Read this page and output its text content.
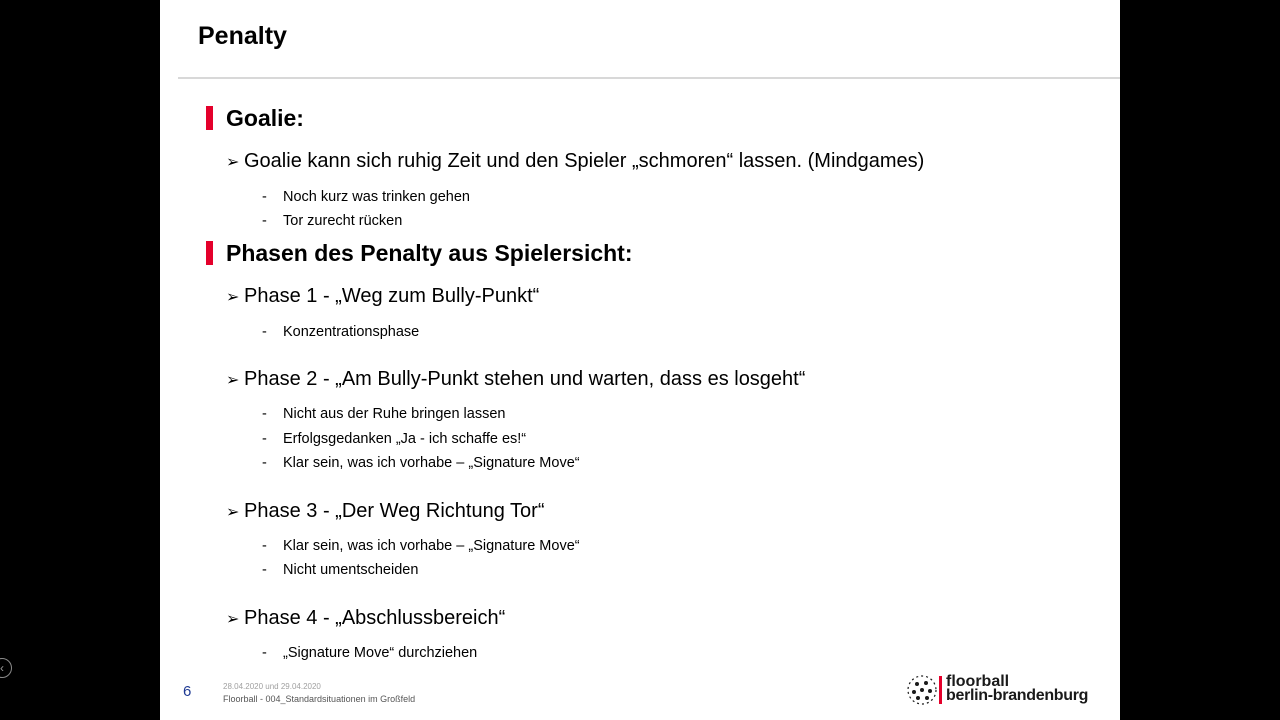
‹
Penalty
Goalie:
➢ Goalie kann sich ruhig Zeit und den Spieler „schmoren“ lassen. (Mindgames)
- Noch kurz was trinken gehen
- Tor zurecht rücken
Phasen des Penalty aus Spielersicht:
➢ Phase 1 - „Weg zum Bully-Punkt“
- Konzentrationsphase
➢ Phase 2 - „Am Bully-Punkt stehen und warten, dass es losgeht“
- Nicht aus der Ruhe bringen lassen
- Erfolgsgedanken „Ja - ich schaffe es!“
- Klar sein, was ich vorhabe – „Signature Move“
➢ Phase 3 - „Der Weg Richtung Tor“
- Klar sein, was ich vorhabe – „Signature Move“
- Nicht umentscheiden
➢ Phase 4 - „Abschlussbereich“
- „Signature Move“ durchziehen
6	28.04.2020 und 29.04.2020
Floorball - 004_Standardsituationen im Großfeld
floorball
berlin-brandenburg
